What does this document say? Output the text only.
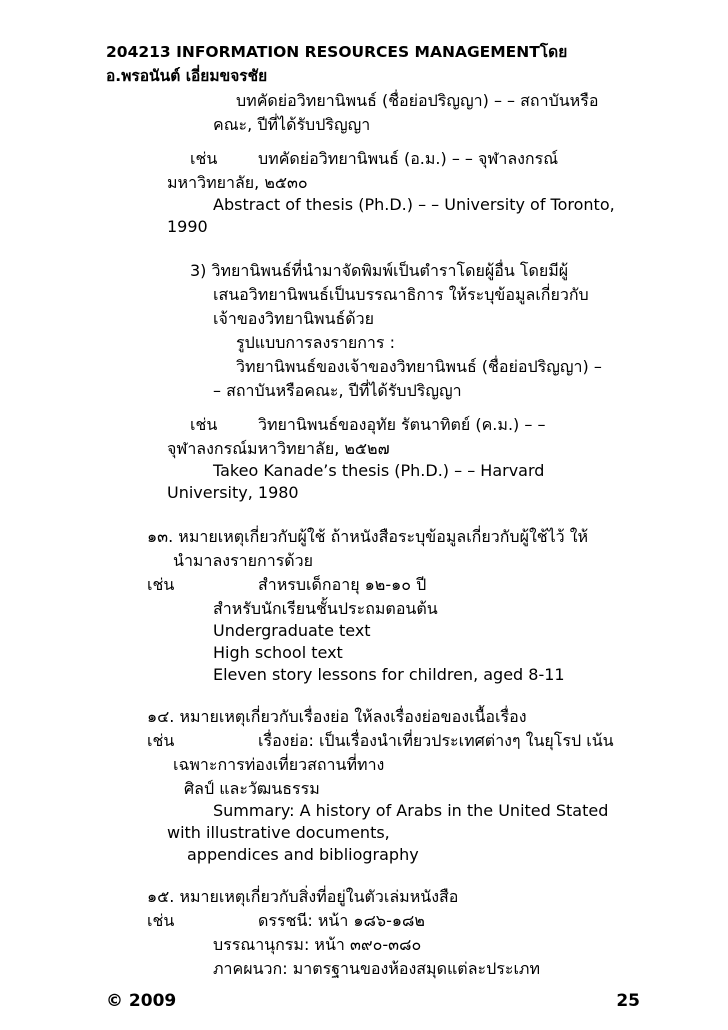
204213 INFORMATION RESOURCES MANAGEMENTโดย
อ.พรอนันต์ เอี่ยมขจรชัย
บทคัดย่อวิทยานิพนธ์ (ชื่อย่อปริญญา) – – สถาบันหรือ
คณะ, ปีที่ได้รับปริญญา
เช่น	บทคัดย่อวิทยานิพนธ์ (อ.ม.) – – จุฬาลงกรณ์
มหาวิทยาลัย, ๒๕๓๐
Abstract of thesis (Ph.D.) – – University of Toronto,
1990
3) วิทยานิพนธ์ที่นำมาจัดพิมพ์เป็นตำราโดยผู้อื่น โดยมีผู้
เสนอวิทยานิพนธ์เป็นบรรณาธิการ ให้ระบุข้อมูลเกี่ยวกับ
เจ้าของวิทยานิพนธ์ด้วย
รูปแบบการลงรายการ :
วิทยานิพนธ์ของเจ้าของวิทยานิพนธ์ (ชื่อย่อปริญญา) –
– สถาบันหรือคณะ, ปีที่ได้รับปริญญา
เช่น	วิทยานิพนธ์ของอุทัย รัตนาทิตย์ (ค.ม.) – –
จุฬาลงกรณ์มหาวิทยาลัย, ๒๕๒๗
Takeo Kanade’s thesis (Ph.D.) – – Harvard
University, 1980
๑๓. หมายเหตุเกี่ยวกับผู้ใช้ ถ้าหนังสือระบุข้อมูลเกี่ยวกับผู้ใช้ไว้ ให้
นำมาลงรายการด้วย
เช่น	สำหรบเด็กอายุ ๑๒-๑๐ ปี
สำหรับนักเรียนชั้นประถมตอนต้น
Undergraduate text
High school text
Eleven story lessons for children, aged 8-11
๑๔. หมายเหตุเกี่ยวกับเรื่องย่อ ให้ลงเรื่องย่อของเนื้อเรื่อง
เช่น	เรื่องย่อ: เป็นเรื่องนำเที่ยวประเทศต่างๆ ในยุโรป เน้น
เฉพาะการท่องเที่ยวสถานที่ทาง
ศิลป์ และวัฒนธรรม
Summary: A history of Arabs in the United Stated
with illustrative documents,
appendices and bibliography
๑๕. หมายเหตุเกี่ยวกับสิ่งที่อยู่ในตัวเล่มหนังสือ
เช่น	ดรรชนี: หน้า ๑๘๖-๑๘๒
บรรณานุกรม: หน้า ๓๙๐-๓๘๐
ภาคผนวก: มาตรฐานของห้องสมุดแต่ละประเภท
© 2009	25
